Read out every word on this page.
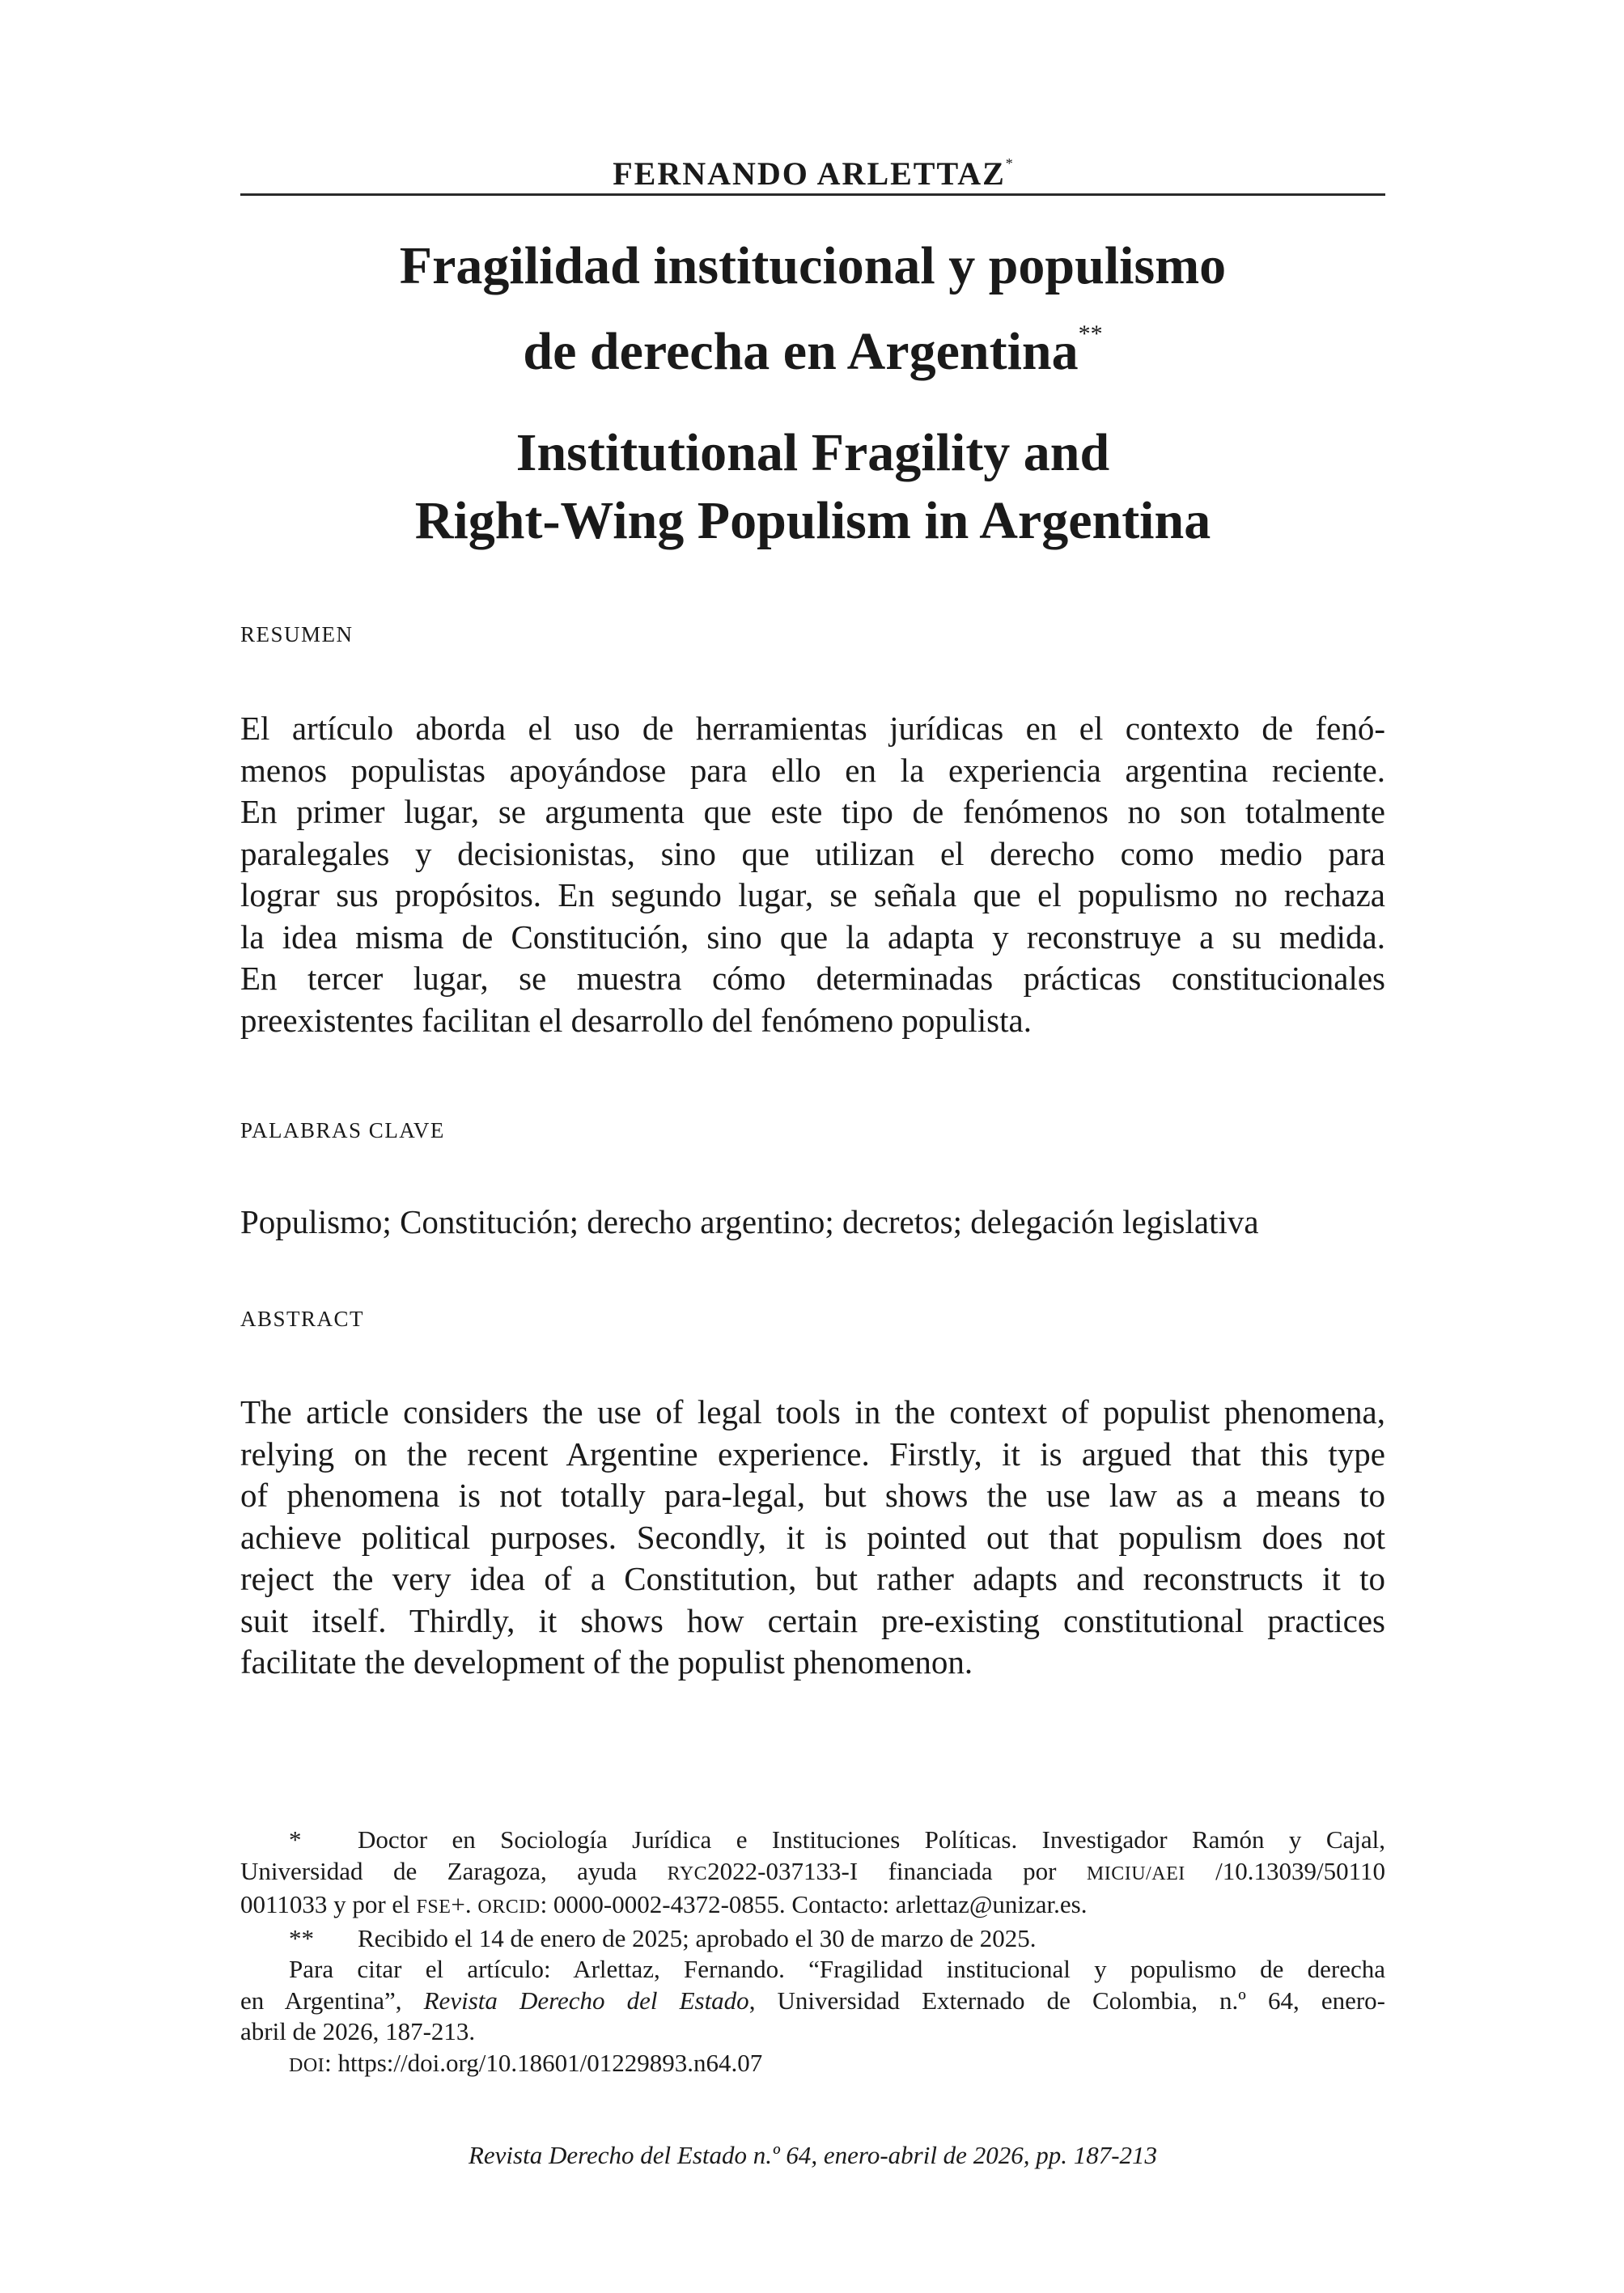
FERNANDO ARLETTAZ*
Fragilidad institucional y populismo
de derecha en Argentina**
Institutional Fragility and
Right-Wing Populism in Argentina
RESUMEN
El artículo aborda el uso de herramientas jurídicas en el contexto de fenó-
menos populistas apoyándose para ello en la experiencia argentina reciente.
En primer lugar, se argumenta que este tipo de fenómenos no son totalmente
paralegales y decisionistas, sino que utilizan el derecho como medio para
lograr sus propósitos. En segundo lugar, se señala que el populismo no rechaza
la idea misma de Constitución, sino que la adapta y reconstruye a su medida.
En tercer lugar, se muestra cómo determinadas prácticas constitucionales
preexistentes facilitan el desarrollo del fenómeno populista.
PALABRAS CLAVE
Populismo; Constitución; derecho argentino; decretos; delegación legislativa
ABSTRACT
The article considers the use of legal tools in the context of populist phenomena,
relying on the recent Argentine experience. Firstly, it is argued that this type
of phenomena is not totally para-legal, but shows the use law as a means to
achieve political purposes. Secondly, it is pointed out that populism does not
reject the very idea of a Constitution, but rather adapts and reconstructs it to
suit itself. Thirdly, it shows how certain pre-existing constitutional practices
facilitate the development of the populist phenomenon.
* Doctor en Sociología Jurídica e Instituciones Políticas. Investigador Ramón y Cajal,
Universidad de Zaragoza, ayuda RYC2022-037133-I financiada por MICIU/AEI /10.13039/50110
0011033 y por el FSE+. ORCID: 0000-0002-4372-0855. Contacto: arlettaz@unizar.es.
** Recibido el 14 de enero de 2025; aprobado el 30 de marzo de 2025.
Para citar el artículo: Arlettaz, Fernando. “Fragilidad institucional y populismo de derecha
en Argentina”, Revista Derecho del Estado, Universidad Externado de Colombia, n.º 64, enero-
abril de 2026, 187-213.
DOI: https://doi.org/10.18601/01229893.n64.07
Revista Derecho del Estado n.º 64, enero-abril de 2026, pp. 187-213
